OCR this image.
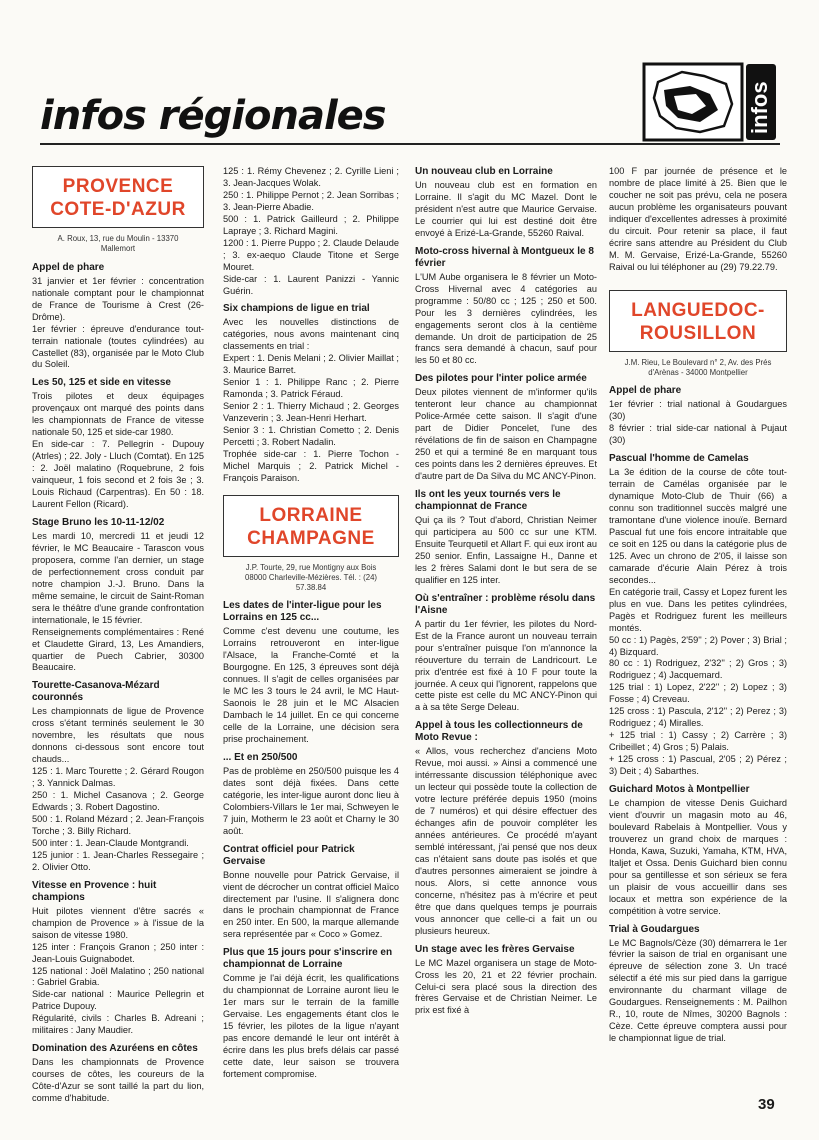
infos régionales	infos
PROVENCE
COTE-D'AZUR
A. Roux, 13, rue du Moulin - 13370
Mallemort
Appel de phare

31 janvier et 1er février : concentration nationale comptant pour le championnat de France de Tourisme à Crest (26-Drôme).

1er février : épreuve d'endurance tout-terrain nationale (toutes cylindrées) au Castellet (83), organisée par le Moto Club du Soleil.

Les 50, 125 et side en vitesse

Trois pilotes et deux équipages provençaux ont marqué des points dans les championnats de France de vitesse nationale 50, 125 et side-car 1980.

En side-car : 7. Pellegrin - Dupouy (Atrles) ; 22. Joly - Lluch (Comtat). En 125 : 2. Joël malatino (Roquebrune, 2 fois vainqueur, 1 fois second et 2 fois 3e ; 3. Louis Richaud (Carpentras). En 50 : 18. Laurent Fellon (Ricard).

Stage Bruno les 10-11-12/02

Les mardi 10, mercredi 11 et jeudi 12 février, le MC Beaucaire - Tarascon vous proposera, comme l'an dernier, un stage de perfectionnement cross conduit par notre champion J.-J. Bruno. Dans la même semaine, le circuit de Saint-Roman sera le théâtre d'une grande confrontation internationale, le 15 février.

Renseignements complémentaires : René et Claudette Girard, 13, Les Amandiers, quartier de Puech Cabrier, 30300 Beaucaire.

Tourette-Casanova-Mézard couronnés

Les championnats de ligue de Provence cross s'étant terminés seulement le 30 novembre, les résultats que nous donnons ci-dessous sont encore tout chauds...

125 : 1. Marc Tourette ; 2. Gérard Rougon ; 3. Yannick Dalmas.

250 : 1. Michel Casanova ; 2. George Edwards ; 3. Robert Dagostino.

500 : 1. Roland Mézard ; 2. Jean-François Torche ; 3. Billy Richard.

500 inter : 1. Jean-Claude Montgrandi.

125 junior : 1. Jean-Charles Ressegaire ; 2. Olivier Otto.

Vitesse en Provence : huit champions

Huit pilotes viennent d'être sacrés « champion de Provence » à l'issue de la saison de vitesse 1980.

125 inter : François Granon ; 250 inter : Jean-Louis Guignabodet.

125 national : Joël Malatino ; 250 national : Gabriel Grabia.

Side-car national : Maurice Pellegrin et Patrice Dupouy.

Régularité, civils : Charles B. Adreani ; militaires : Jany Maudier.

Domination des Azuréens en côtes

Dans les championnats de Provence courses de côtes, les coureurs de la Côte-d'Azur se sont taillé la part du lion, comme d'habitude.

125 : 1. Rémy Chevenez ; 2. Cyrille Lieni ; 3. Jean-Jacques Wolak.

250 : 1. Philippe Pernot ; 2. Jean Sorribas ; 3. Jean-Pierre Abadie.

500 : 1. Patrick Gailleurd ; 2. Philippe Lapraye ; 3. Richard Magini.

1200 : 1. Pierre Puppo ; 2. Claude Delaude ; 3. ex-aequo Claude Titone et Serge Mouret.

Side-car : 1. Laurent Panizzi - Yannic Guérin.

Six champions de ligue en trial

Avec les nouvelles distinctions de catégories, nous avons maintenant cinq classements en trial :

Expert : 1. Denis Melani ; 2. Olivier Maillat ; 3. Maurice Barret.

Senior 1 : 1. Philippe Ranc ; 2. Pierre Ramonda ; 3. Patrick Féraud.

Senior 2 : 1. Thierry Michaud ; 2. Georges Vanzeverin ; 3. Jean-Henri Herhart.

Senior 3 : 1. Christian Cometto ; 2. Denis Percetti ; 3. Robert Nadalin.

Trophée side-car : 1. Pierre Tochon - Michel Marquis ; 2. Patrick Michel - François Paraison.

LORRAINE
CHAMPAGNE
J.P. Tourte, 29, rue Montigny aux Bois
08000 Charleville-Mézières. Tél. : (24)
57.38.84
Les dates de l'inter-ligue pour les Lorrains en 125 cc...

Comme c'est devenu une coutume, les Lorrains retrouveront en inter-ligue l'Alsace, la Franche-Comté et la Bourgogne. En 125, 3 épreuves sont déjà connues. Il s'agit de celles organisées par le MC les 3 tours le 24 avril, le MC Haut-Saonois le 28 juin et le MC Alsacien Dambach le 14 juillet. En ce qui concerne celle de la Lorraine, une décision sera prise prochainement.

... Et en 250/500

Pas de problème en 250/500 puisque les 4 dates sont déjà fixées. Dans cette catégorie, les inter-ligue auront donc lieu à Colombiers-Villars le 1er mai, Schweyen le 7 juin, Motherm le 23 août et Charny le 30 août.

Contrat officiel pour Patrick Gervaise

Bonne nouvelle pour Patrick Gervaise, il vient de décrocher un contrat officiel Maïco directement par l'usine. Il s'alignera donc dans le prochain championnat de France en 250 inter. En 500, la marque allemande sera représentée par « Coco » Gomez.

Plus que 15 jours pour s'inscrire en championnat de Lorraine

Comme je l'ai déjà écrit, les qualifications du championnat de Lorraine auront lieu le 1er mars sur le terrain de la famille Gervaise. Les engagements étant clos le 15 février, les pilotes de la ligue n'ayant pas encore demandé le leur ont intérêt à écrire dans les plus brefs délais car passé cette date, leur saison se trouvera fortement compromise.

Un nouveau club en Lorraine

Un nouveau club est en formation en Lorraine. Il s'agit du MC Mazel. Dont le président n'est autre que Maurice Gervaise. Le courrier qui lui est destiné doit être envoyé à Erizé-La-Grande, 55260 Raival.

Moto-cross hivernal à Montgueux le 8 février

L'UM Aube organisera le 8 février un Moto-Cross Hivernal avec 4 catégories au programme : 50/80 cc ; 125 ; 250 et 500. Pour les 3 dernières cylindrées, les engagements seront clos à la centième demande. Un droit de participation de 25 francs sera demandé à chacun, sauf pour les 50 et 80 cc.

Des pilotes pour l'inter police armée

Deux pilotes viennent de m'informer qu'ils tenteront leur chance au championnat Police-Armée cette saison. Il s'agit d'une part de Didier Poncelet, l'une des révélations de fin de saison en Champagne 250 et qui a terminé 8e en marquant tous ces points dans les 2 dernières épreuves. Et d'autre part de Da Silva du MC ANCY-Pinon.

Ils ont les yeux tournés vers le championnat de France

Qui ça ils ? Tout d'abord, Christian Neimer qui participera au 500 cc sur une KTM. Ensuite Teurquetil et Allart F. qui eux iront au 250 senior. Enfin, Lassaigne H., Danne et les 2 frères Salami dont le but sera de se qualifier en 125 inter.

Où s'entraîner : problème résolu dans l'Aisne

A partir du 1er février, les pilotes du Nord-Est de la France auront un nouveau terrain pour s'entraîner puisque l'on m'annonce la réouverture du terrain de Landricourt. Le prix d'entrée est fixé à 10 F pour toute la journée. A ceux qui l'ignorent, rappelons que cette piste est celle du MC ANCY-Pinon qui a à sa tête Serge Deleau.

Appel à tous les collectionneurs de Moto Revue :

« Allos, vous recherchez d'anciens Moto Revue, moi aussi. » Ainsi a commencé une intérressante discussion téléphonique avec un lecteur qui possède toute la collection de votre lecture préférée depuis 1950 (moins de 7 numéros) et qui désire effectuer des échanges afin de pouvoir compléter les années antérieures. Ce procédé m'ayant semblé intéressant, j'ai pensé que nos deux cas n'étaient sans doute pas isolés et que d'autres personnes aimeraient se joindre à nous. Alors, si cette annonce vous concerne, n'hésitez pas à m'écrire et peut être que dans quelques temps je pourrais vous annoncer que celle-ci a fait un ou plusieurs heureux.

Un stage avec les frères Gervaise

Le MC Mazel organisera un stage de Moto-Cross les 20, 21 et 22 février prochain. Celui-ci sera placé sous la direction des frères Gervaise et de Christian Neimer. Le prix est fixé à

100 F par journée de présence et le nombre de place limité à 25. Bien que le coucher ne soit pas prévu, cela ne posera aucun problème les organisateurs pouvant indiquer d'excellentes adresses à proximité du circuit. Pour retenir sa place, il faut écrire sans attendre au Président du Club M. M. Gervaise, Erizé-La-Grande, 55260 Raival ou lui téléphoner au (29) 79.22.79.

LANGUEDOC-
ROUSILLON
J.M. Rieu, Le Boulevard n° 2, Av. des Prés
d'Arènas - 34000 Montpellier
Appel de phare

1er février : trial national à Goudargues (30)

8 février : trial side-car national à Pujaut (30)

Pascual l'homme de Camelas

La 3e édition de la course de côte tout-terrain de Camélas organisée par le dynamique Moto-Club de Thuir (66) a connu son traditionnel succès malgré une tramontane d'une violence inouïe. Bernard Pascual fut une fois encore intraitable que ce soit en 125 ou dans la catégorie plus de 125. Avec un chrono de 2'05, il laisse son camarade d'écurie Alain Pérez à trois secondes...

En catégorie trail, Cassy et Lopez furent les plus en vue. Dans les petites cylindrées, Pagès et Rodriguez furent les meilleurs montés.

50 cc : 1) Pagès, 2'59'' ; 2) Pover ; 3) Brial ; 4) Bizquard.

80 cc : 1) Rodriguez, 2'32'' ; 2) Gros ; 3) Rodriguez ; 4) Jacquemard.

125 trial : 1) Lopez, 2'22'' ; 2) Lopez ; 3) Fosse ; 4) Creveau.

125 cross : 1) Pascula, 2'12'' ; 2) Perez ; 3) Rodriguez ; 4) Miralles.

+ 125 trial : 1) Cassy ; 2) Carrère ; 3) Cribeillet ; 4) Gros ; 5) Palais.

+ 125 cross : 1) Pascual, 2'05 ; 2) Pérez ; 3) Deit ; 4) Sabarthes.

Guichard Motos à Montpellier

Le champion de vitesse Denis Guichard vient d'ouvrir un magasin moto au 46, boulevard Rabelais à Montpellier. Vous y trouverez un grand choix de marques : Honda, Kawa, Suzuki, Yamaha, KTM, HVA, Italjet et Ossa. Denis Guichard bien connu pour sa gentillesse et son sérieux se fera un plaisir de vous accueillir dans ses locaux et mettra son expérience de la compétition à votre service.

Trial à Goudargues

Le MC Bagnols/Cèze (30) démarrera le 1er février la saison de trial en organisant une épreuve de sélection zone 3. Un tracé sélectif a été mis sur pied dans la garrigue environnante du charmant village de Goudargues. Renseignements : M. Pailhon R., 10, route de Nîmes, 30200 Bagnols : Cèze. Cette épreuve comptera aussi pour le championnat ligue de trial.

39
